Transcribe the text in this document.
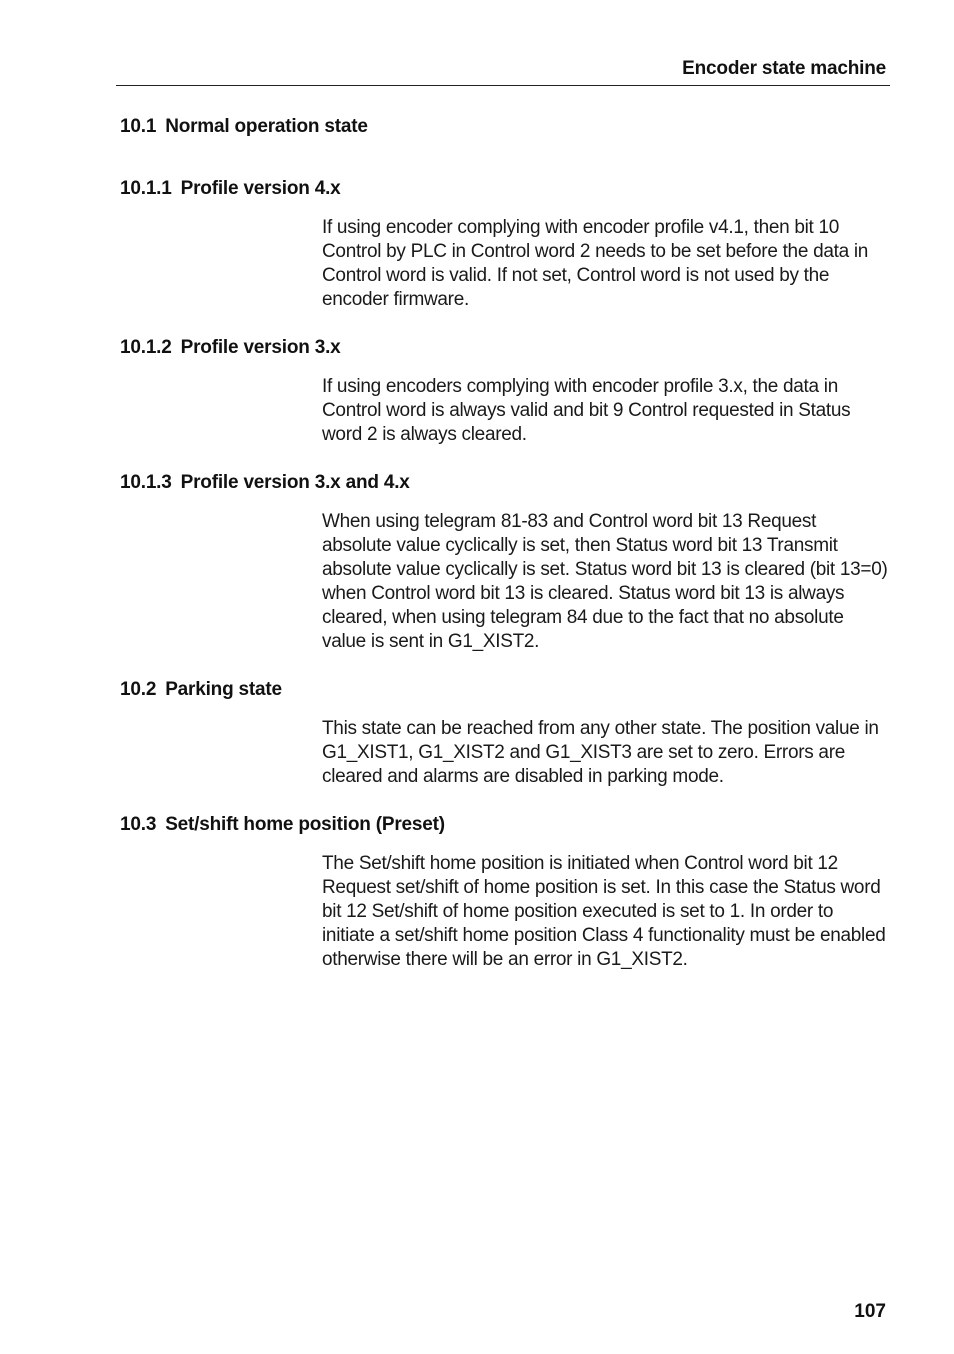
Encoder state machine
10.1 Normal operation state
10.1.1 Profile version 4.x

If using encoder complying with encoder profile v4.1, then bit 10 Control by PLC in Control word 2 needs to be set before the data in Control word is valid. If not set, Control word is not used by the encoder firmware.

10.1.2 Profile version 3.x

If using encoders complying with encoder profile 3.x, the data in Control word is always valid and bit 9 Control requested in Status word 2 is always cleared.

10.1.3 Profile version 3.x and 4.x

When using telegram 81-83 and Control word bit 13 Request absolute value cyclically is set, then Status word bit 13 Transmit absolute value cyclically is set. Status word bit 13 is cleared (bit 13=0) when Control word bit 13 is cleared. Status word bit 13 is always cleared, when using telegram 84 due to the fact that no absolute value is sent in G1_XIST2.

10.2 Parking state

This state can be reached from any other state. The position value in G1_XIST1, G1_XIST2 and G1_XIST3 are set to zero. Errors are cleared and alarms are disabled in parking mode.

10.3 Set/shift home position (Preset)

The Set/shift home position is initiated when Control word bit 12 Request set/shift of home position is set. In this case the Status word bit 12 Set/shift of home position executed is set to 1. In order to initiate a set/shift home position Class 4 functionality must be enabled otherwise there will be an error in G1_XIST2.

107
